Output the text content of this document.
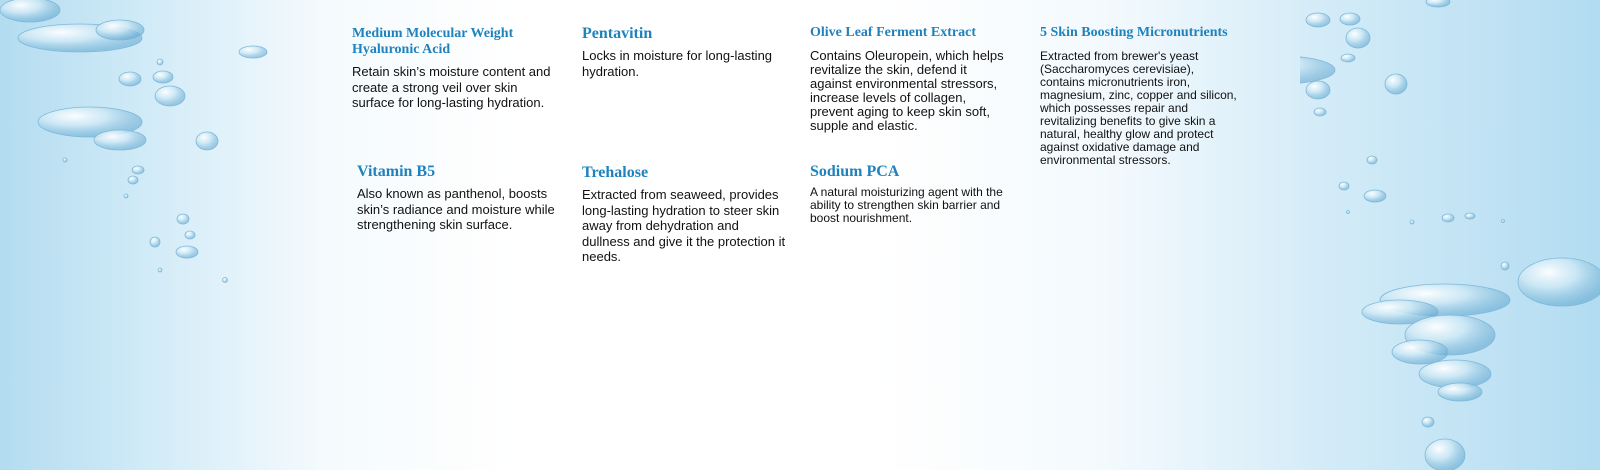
Medium Molecular Weight Hyaluronic Acid

Retain skin’s moisture content and create a strong veil over skin surface for long-lasting hydration.

Pentavitin

Locks in moisture for long-lasting hydration.

Olive Leaf Ferment Extract

Contains Oleuropein, which helps revitalize the skin, defend it against environmental stressors, increase levels of collagen, prevent aging to keep skin soft, supple and elastic.

5 Skin Boosting Micronutrients

Extracted from brewer's yeast (Saccharomyces cerevisiae), contains micronutrients iron, magnesium, zinc, copper and silicon, which possesses repair and revitalizing benefits to give skin a natural, healthy glow and protect against oxidative damage and environmental stressors.

Vitamin B5

Also known as panthenol, boosts skin’s radiance and moisture while strengthening skin surface.

Trehalose

Extracted from seaweed, provides long-lasting hydration to steer skin away from dehydration and dullness and give it the protection it needs.

Sodium PCA

A natural moisturizing agent with the ability to strengthen skin barrier and boost nourishment.
